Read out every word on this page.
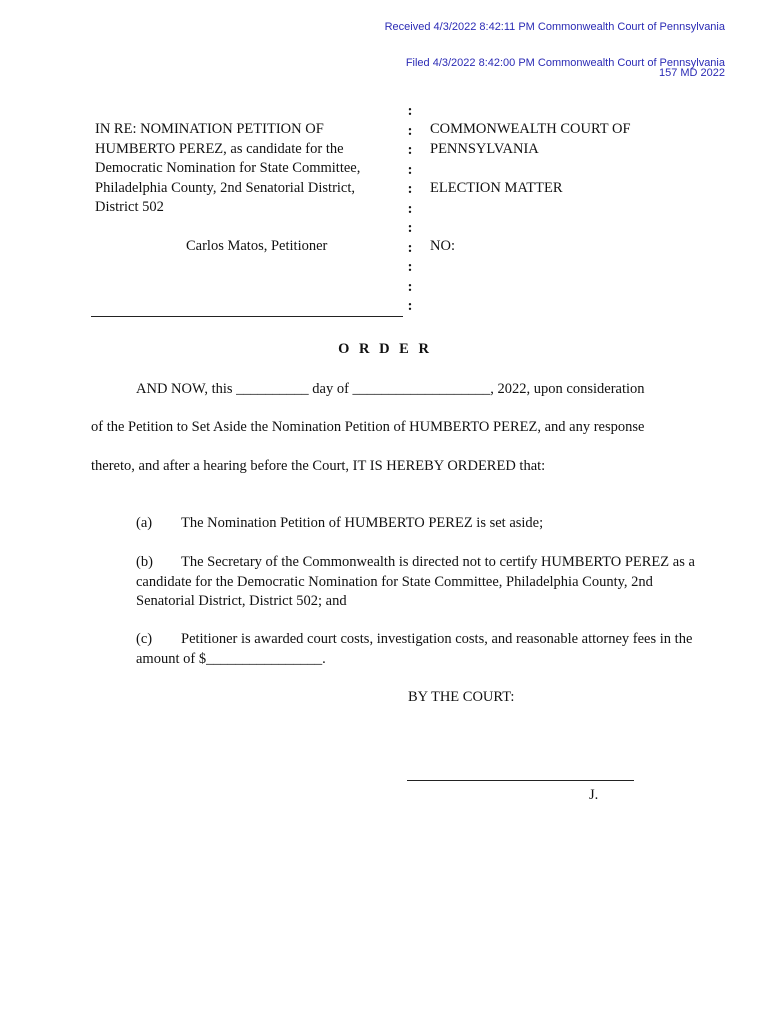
Received 4/3/2022 8:42:11 PM Commonwealth Court of Pennsylvania
Filed 4/3/2022 8:42:00 PM Commonwealth Court of Pennsylvania
157 MD 2022
IN RE: NOMINATION PETITION OF
HUMBERTO PEREZ, as candidate for the
Democratic Nomination for State Committee,
Philadelphia County, 2nd Senatorial District,
District 502
Carlos Matos, Petitioner
:
:
:
:
:
:
:
:
:
:
:
COMMONWEALTH COURT OF
PENNSYLVANIA
ELECTION MATTER
NO:
O R D E R
AND NOW, this __________ day of ___________________, 2022, upon consideration
of the Petition to Set Aside the Nomination Petition of HUMBERTO PEREZ, and any response
thereto, and after a hearing before the Court, IT IS HEREBY ORDERED that:
(a) The Nomination Petition of HUMBERTO PEREZ is set aside;
(b) The Secretary of the Commonwealth is directed not to certify HUMBERTO PEREZ as a candidate for the Democratic Nomination for State Committee, Philadelphia County, 2nd Senatorial District, District 502; and
(c) Petitioner is awarded court costs, investigation costs, and reasonable attorney fees in the amount of $________________.
BY THE COURT:
J.
